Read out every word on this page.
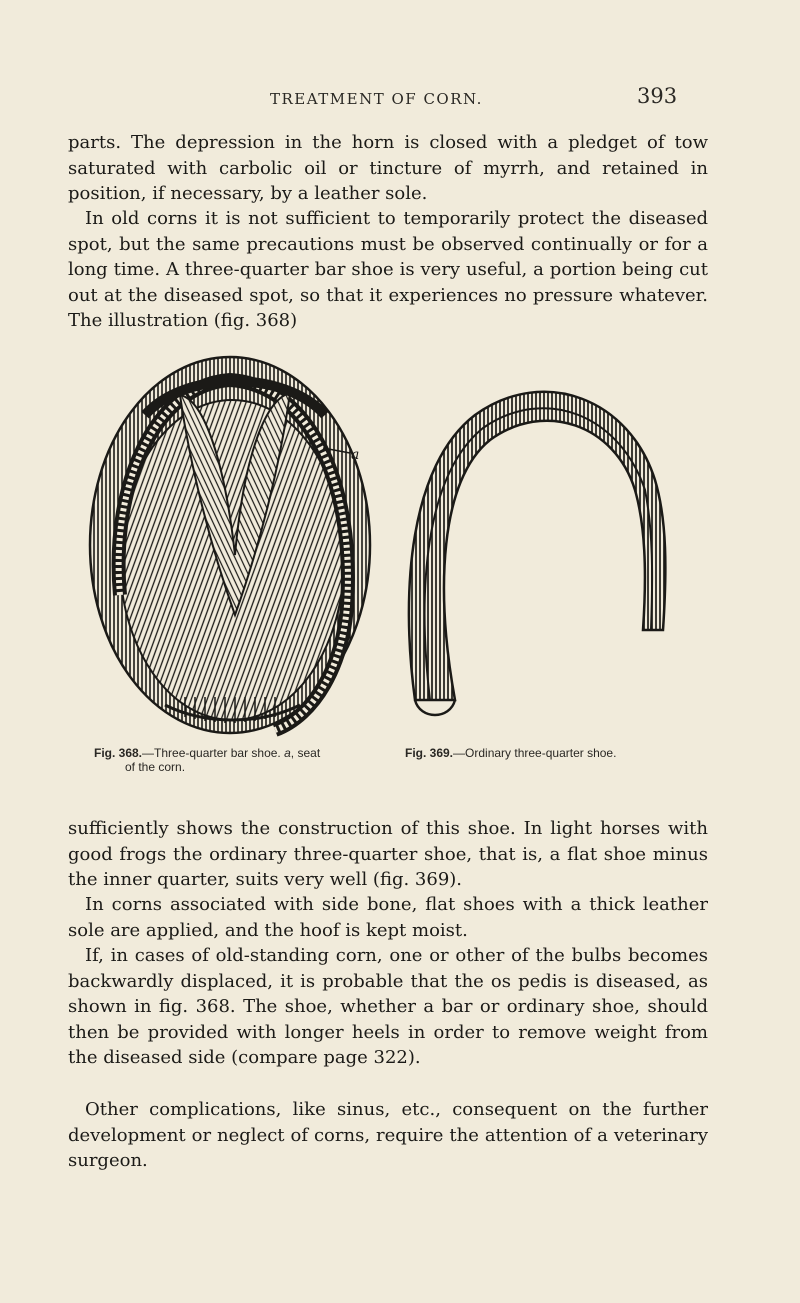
TREATMENT OF CORN.	393

parts. The depression in the horn is closed with a pledget of tow saturated with carbolic oil or tincture of myrrh, and retained in position, if necessary, by a leather sole.

In old corns it is not sufficient to temporarily protect the diseased spot, but the same precautions must be observed continually or for a long time. A three-quarter bar shoe is very useful, a portion being cut out at the diseased spot, so that it experiences no pressure whatever. The illustration (fig. 368)

a
Fig. 368.—Three-quarter bar shoe. a, seat
of the corn.
Fig. 369.—Ordinary three-quarter shoe.

sufficiently shows the construction of this shoe. In light horses with good frogs the ordinary three-quarter shoe, that is, a flat shoe minus the inner quarter, suits very well (fig. 369).

In corns associated with side bone, flat shoes with a thick leather sole are applied, and the hoof is kept moist.

If, in cases of old-standing corn, one or other of the bulbs becomes backwardly displaced, it is probable that the os pedis is diseased, as shown in fig. 368. The shoe, whether a bar or ordinary shoe, should then be provided with longer heels in order to remove weight from the diseased side (compare page 322).

Other complications, like sinus, etc., consequent on the further development or neglect of corns, require the attention of a veterinary surgeon.
